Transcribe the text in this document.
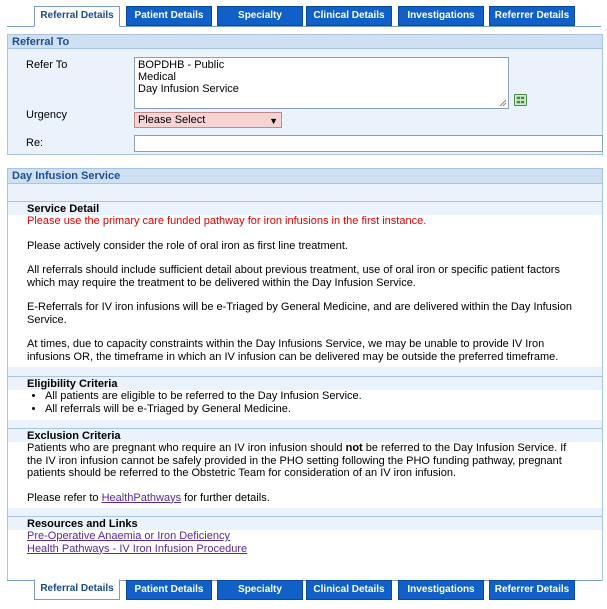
Referral Details	Patient Details	Specialty	Clinical Details	Investigations	Referrer Details
Referral To
Refer To	BOPDHB - Public
Medical
Day Infusion Service
Urgency	Please Select	▼
Re:
Day Infusion Service
Service Detail

Please use the primary care funded pathway for iron infusions in the first instance.

Please actively consider the role of oral iron as first line treatment.

All referrals should include sufficient detail about previous treatment, use of oral iron or specific patient factors which may require the treatment to be delivered within the Day Infusion Service.

E-Referrals for IV iron infusions will be e-Triaged by General Medicine, and are delivered within the Day Infusion Service.

At times, due to capacity constraints within the Day Infusions Service, we may be unable to provide IV Iron infusions OR, the timeframe in which an IV infusion can be delivered may be outside the preferred timeframe.

Eligibility Criteria
• All patients are eligible to be referred to the Day Infusion Service.
• All referrals will be e-Triaged by General Medicine.
Exclusion Criteria

Patients who are pregnant who require an IV iron infusion should not be referred to the Day Infusion Service. If the IV iron infusion cannot be safely provided in the PHO setting following the PHO funding pathway, pregnant patients should be referred to the Obstetric Team for consideration of an IV iron infusion.

Please refer to HealthPathways for further details.

Resources and Links
Pre-Operative Anaemia or Iron Deficiency
Health Pathways - IV Iron Infusion Procedure
Referral Details	Patient Details	Specialty	Clinical Details	Investigations	Referrer Details
